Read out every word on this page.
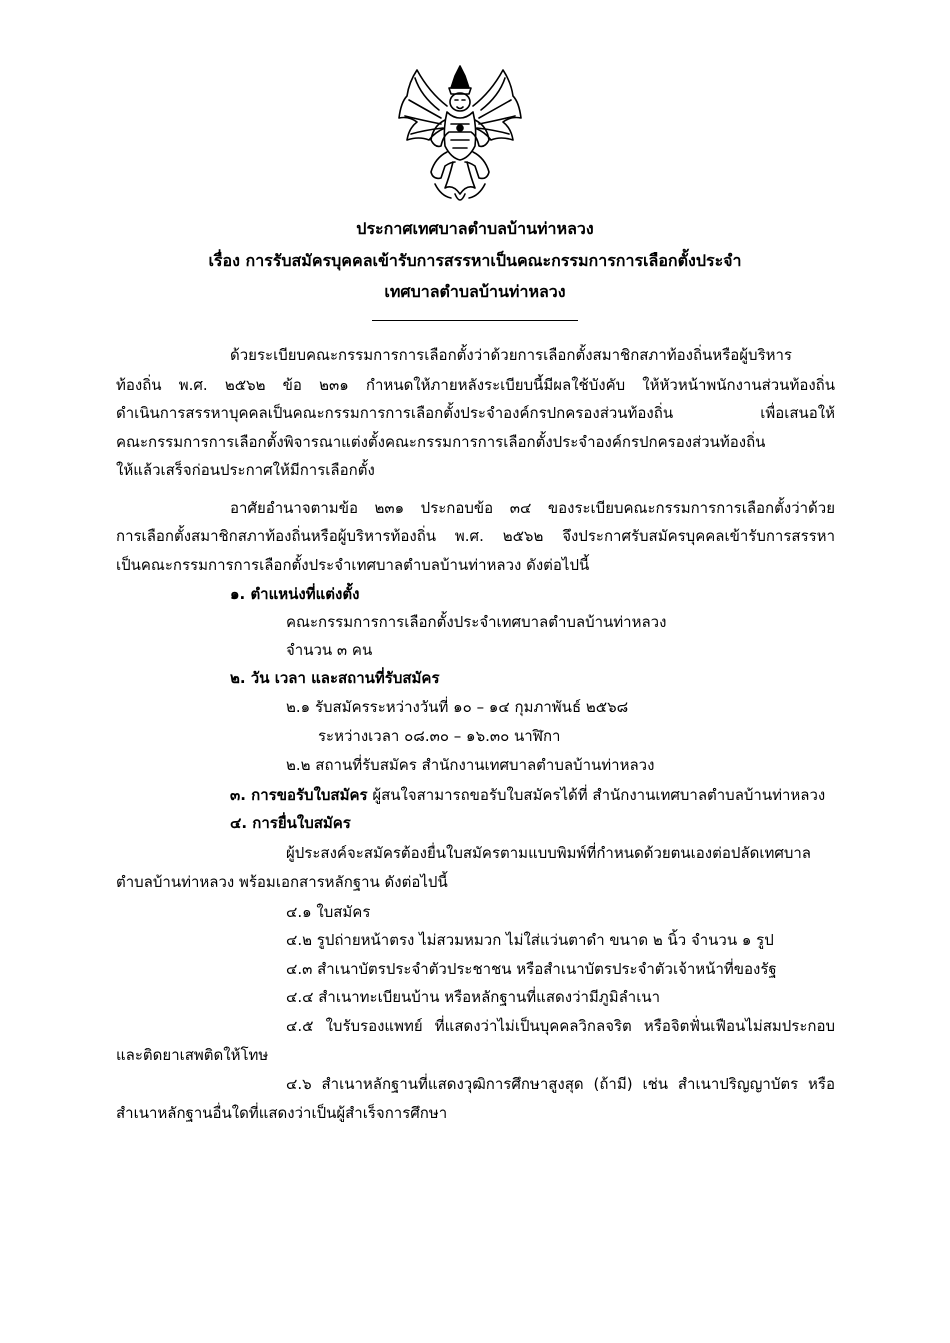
ประกาศเทศบาลตำบลบ้านท่าหลวง
เรื่อง การรับสมัครบุคคลเข้ารับการสรรหาเป็นคณะกรรมการการเลือกตั้งประจำ
เทศบาลตำบลบ้านท่าหลวง
ด้วยระเบียบคณะกรรมการการเลือกตั้งว่าด้วยการเลือกตั้งสมาชิกสภาท้องถิ่นหรือผู้บริหาร
ท้องถิ่น พ.ศ. ๒๕๖๒ ข้อ ๒๓๑ กำหนดให้ภายหลังระเบียบนี้มีผลใช้บังคับ ให้หัวหน้าพนักงานส่วนท้องถิ่น
ดำเนินการสรรหาบุคคลเป็นคณะกรรมการการเลือกตั้งประจำองค์กรปกครองส่วนท้องถิ่น เพื่อเสนอให้
คณะกรรมการการเลือกตั้งพิจารณาแต่งตั้งคณะกรรมการการเลือกตั้งประจำองค์กรปกครองส่วนท้องถิ่น
ให้แล้วเสร็จก่อนประกาศให้มีการเลือกตั้ง
อาศัยอำนาจตามข้อ ๒๓๑ ประกอบข้อ ๓๔ ของระเบียบคณะกรรมการการเลือกตั้งว่าด้วย
การเลือกตั้งสมาชิกสภาท้องถิ่นหรือผู้บริหารท้องถิ่น พ.ศ. ๒๕๖๒ จึงประกาศรับสมัครบุคคลเข้ารับการสรรหา
เป็นคณะกรรมการการเลือกตั้งประจำเทศบาลตำบลบ้านท่าหลวง ดังต่อไปนี้
๑. ตำแหน่งที่แต่งตั้ง
คณะกรรมการการเลือกตั้งประจำเทศบาลตำบลบ้านท่าหลวง
จำนวน ๓ คน
๒. วัน เวลา และสถานที่รับสมัคร
๒.๑ รับสมัครระหว่างวันที่ ๑๐ – ๑๔ กุมภาพันธ์ ๒๕๖๘
ระหว่างเวลา ๐๘.๓๐ – ๑๖.๓๐ นาฬิกา
๒.๒ สถานที่รับสมัคร สำนักงานเทศบาลตำบลบ้านท่าหลวง
๓. การขอรับใบสมัคร ผู้สนใจสามารถขอรับใบสมัครได้ที่ สำนักงานเทศบาลตำบลบ้านท่าหลวง
๔. การยื่นใบสมัคร
ผู้ประสงค์จะสมัครต้องยื่นใบสมัครตามแบบพิมพ์ที่กำหนดด้วยตนเองต่อปลัดเทศบาล
ตำบลบ้านท่าหลวง พร้อมเอกสารหลักฐาน ดังต่อไปนี้
๔.๑ ใบสมัคร
๔.๒ รูปถ่ายหน้าตรง ไม่สวมหมวก ไม่ใส่แว่นตาดำ ขนาด ๒ นิ้ว จำนวน ๑ รูป
๔.๓ สำเนาบัตรประจำตัวประชาชน หรือสำเนาบัตรประจำตัวเจ้าหน้าที่ของรัฐ
๔.๔ สำเนาทะเบียนบ้าน หรือหลักฐานที่แสดงว่ามีภูมิลำเนา
๔.๕ ใบรับรองแพทย์ ที่แสดงว่าไม่เป็นบุคคลวิกลจริต หรือจิตฟั่นเฟือนไม่สมประกอบ
และติดยาเสพติดให้โทษ
๔.๖ สำเนาหลักฐานที่แสดงวุฒิการศึกษาสูงสุด (ถ้ามี) เช่น สำเนาปริญญาบัตร หรือ
สำเนาหลักฐานอื่นใดที่แสดงว่าเป็นผู้สำเร็จการศึกษา
